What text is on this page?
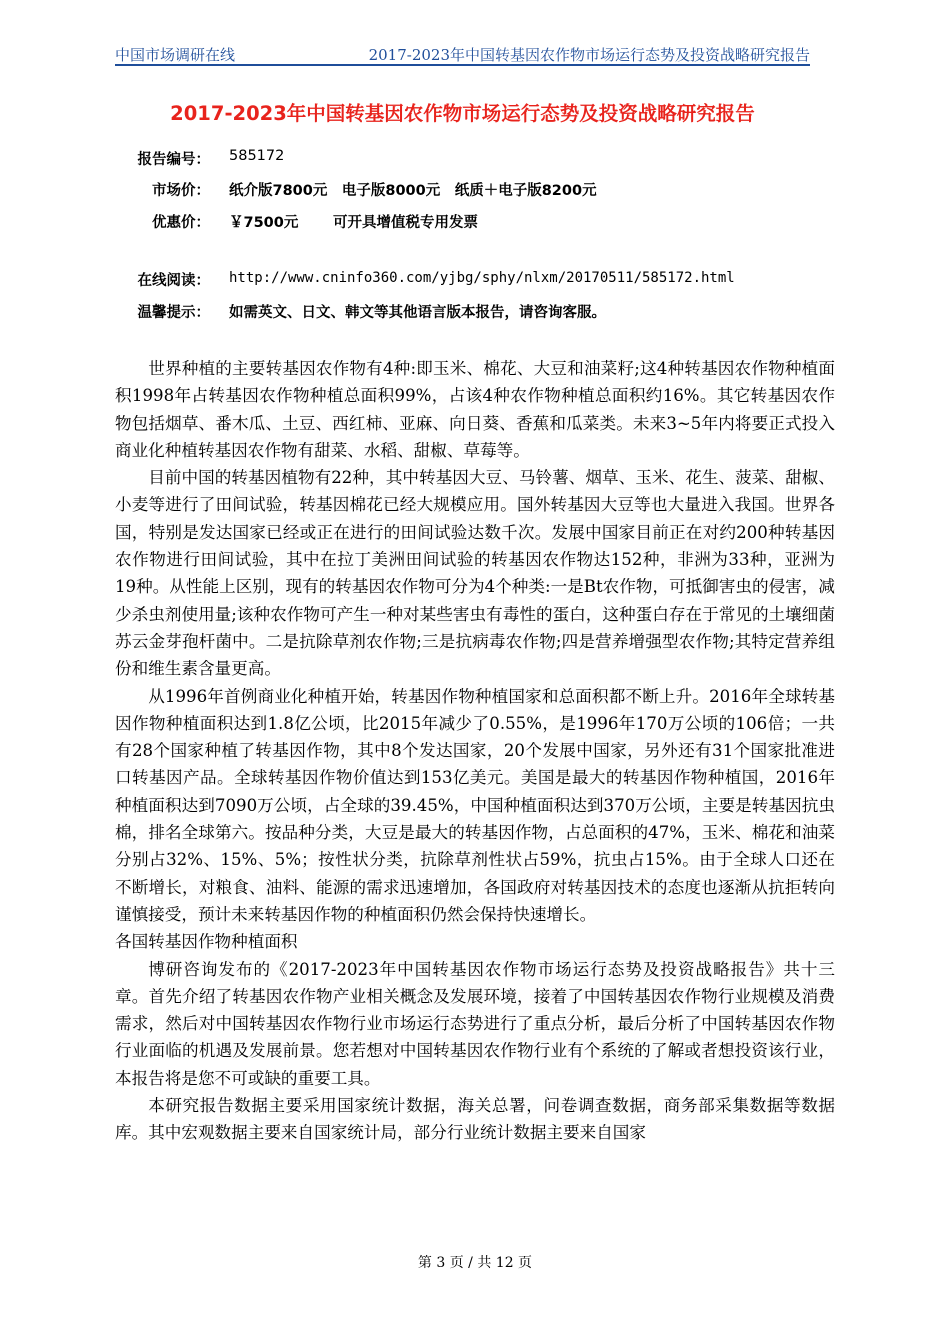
中国市场调研在线	2017-2023年中国转基因农作物市场运行态势及投资战略研究报告
2017-2023年中国转基因农作物市场运行态势及投资战略研究报告
报告编号： 585172
市场价： 纸介版7800元　电子版8000元　纸质＋电子版8200元
优惠价： ￥7500元 可开具增值税专用发票
在线阅读： http://www.cninfo360.com/yjbg/sphy/nlxm/20170511/585172.html
温馨提示： 如需英文、日文、韩文等其他语言版本报告，请咨询客服。

世界种植的主要转基因农作物有4种:即玉米、棉花、大豆和油菜籽;这4种转基因农作物种植面积1998年占转基因农作物种植总面积99%，占该4种农作物种植总面积约16%。其它转基因农作物包括烟草、番木瓜、土豆、西红柿、亚麻、向日葵、香蕉和瓜菜类。未来3~5年内将要正式投入商业化种植转基因农作物有甜菜、水稻、甜椒、草莓等。

目前中国的转基因植物有22种，其中转基因大豆、马铃薯、烟草、玉米、花生、菠菜、甜椒、小麦等进行了田间试验，转基因棉花已经大规模应用。国外转基因大豆等也大量进入我国。世界各国，特别是发达国家已经或正在进行的田间试验达数千次。发展中国家目前正在对约200种转基因农作物进行田间试验，其中在拉丁美洲田间试验的转基因农作物达152种，非洲为33种，亚洲为19种。从性能上区别，现有的转基因农作物可分为4个种类:一是Bt农作物，可抵御害虫的侵害，减少杀虫剂使用量;该种农作物可产生一种对某些害虫有毒性的蛋白，这种蛋白存在于常见的土壤细菌苏云金芽孢杆菌中。二是抗除草剂农作物;三是抗病毒农作物;四是营养增强型农作物;其特定营养组份和维生素含量更高。

从1996年首例商业化种植开始，转基因作物种植国家和总面积都不断上升。2016年全球转基因作物种植面积达到1.8亿公顷，比2015年减少了0.55%，是1996年170万公顷的106倍；一共有28个国家种植了转基因作物，其中8个发达国家，20个发展中国家，另外还有31个国家批准进口转基因产品。全球转基因作物价值达到153亿美元。美国是最大的转基因作物种植国，2016年种植面积达到7090万公顷，占全球的39.45%，中国种植面积达到370万公顷，主要是转基因抗虫棉，排名全球第六。按品种分类，大豆是最大的转基因作物，占总面积的47%，玉米、棉花和油菜分别占32%、15%、5%；按性状分类，抗除草剂性状占59%，抗虫占15%。由于全球人口还在不断增长，对粮食、油料、能源的需求迅速增加，各国政府对转基因技术的态度也逐渐从抗拒转向谨慎接受，预计未来转基因作物的种植面积仍然会保持快速增长。

各国转基因作物种植面积

博研咨询发布的《2017-2023年中国转基因农作物市场运行态势及投资战略报告》共十三章。首先介绍了转基因农作物产业相关概念及发展环境，接着了中国转基因农作物行业规模及消费需求，然后对中国转基因农作物行业市场运行态势进行了重点分析，最后分析了中国转基因农作物行业面临的机遇及发展前景。您若想对中国转基因农作物行业有个系统的了解或者想投资该行业，本报告将是您不可或缺的重要工具。

本研究报告数据主要采用国家统计数据，海关总署，问卷调查数据，商务部采集数据等数据库。其中宏观数据主要来自国家统计局，部分行业统计数据主要来自国家

第 3 页 / 共 12 页
